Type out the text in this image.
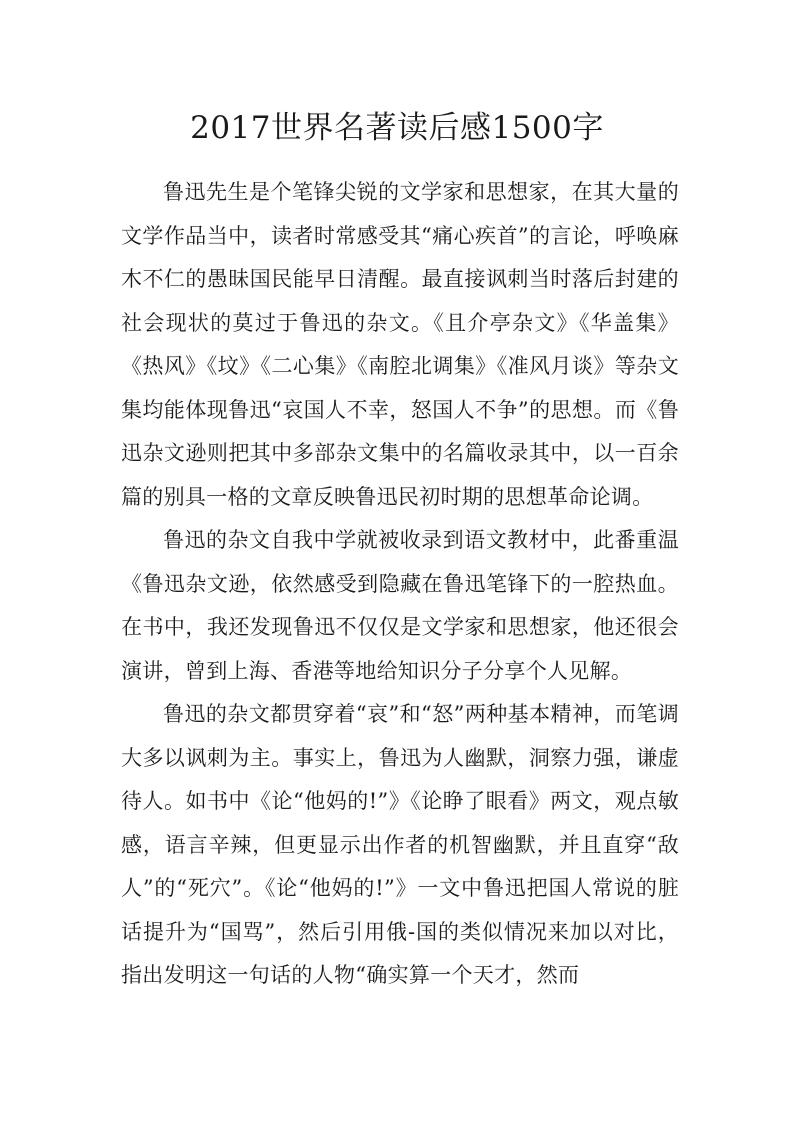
2017世界名著读后感1500字

鲁迅先生是个笔锋尖锐的文学家和思想家，在其大量的文学作品当中，读者时常感受其“痛心疾首”的言论，呼唤麻木不仁的愚昧国民能早日清醒。最直接讽刺当时落后封建的社会现状的莫过于鲁迅的杂文。《且介亭杂文》《华盖集》《热风》《坟》《二心集》《南腔北调集》《准风月谈》等杂文集均能体现鲁迅“哀国人不幸，怒国人不争”的思想。而《鲁迅杂文逊则把其中多部杂文集中的名篇收录其中，以一百余篇的别具一格的文章反映鲁迅民初时期的思想革命论调。

鲁迅的杂文自我中学就被收录到语文教材中，此番重温《鲁迅杂文逊，依然感受到隐藏在鲁迅笔锋下的一腔热血。在书中，我还发现鲁迅不仅仅是文学家和思想家，他还很会演讲，曾到上海、香港等地给知识分子分享个人见解。

鲁迅的杂文都贯穿着“哀”和“怒”两种基本精神，而笔调大多以讽刺为主。事实上，鲁迅为人幽默，洞察力强，谦虚待人。如书中《论“他妈的!”》《论睁了眼看》两文，观点敏感，语言辛辣，但更显示出作者的机智幽默，并且直穿“敌人”的“死穴”。《论“他妈的!”》一文中鲁迅把国人常说的脏话提升为“国骂”，然后引用俄-国的类似情况来加以对比，指出发明这一句话的人物“确实算一个天才，然而
